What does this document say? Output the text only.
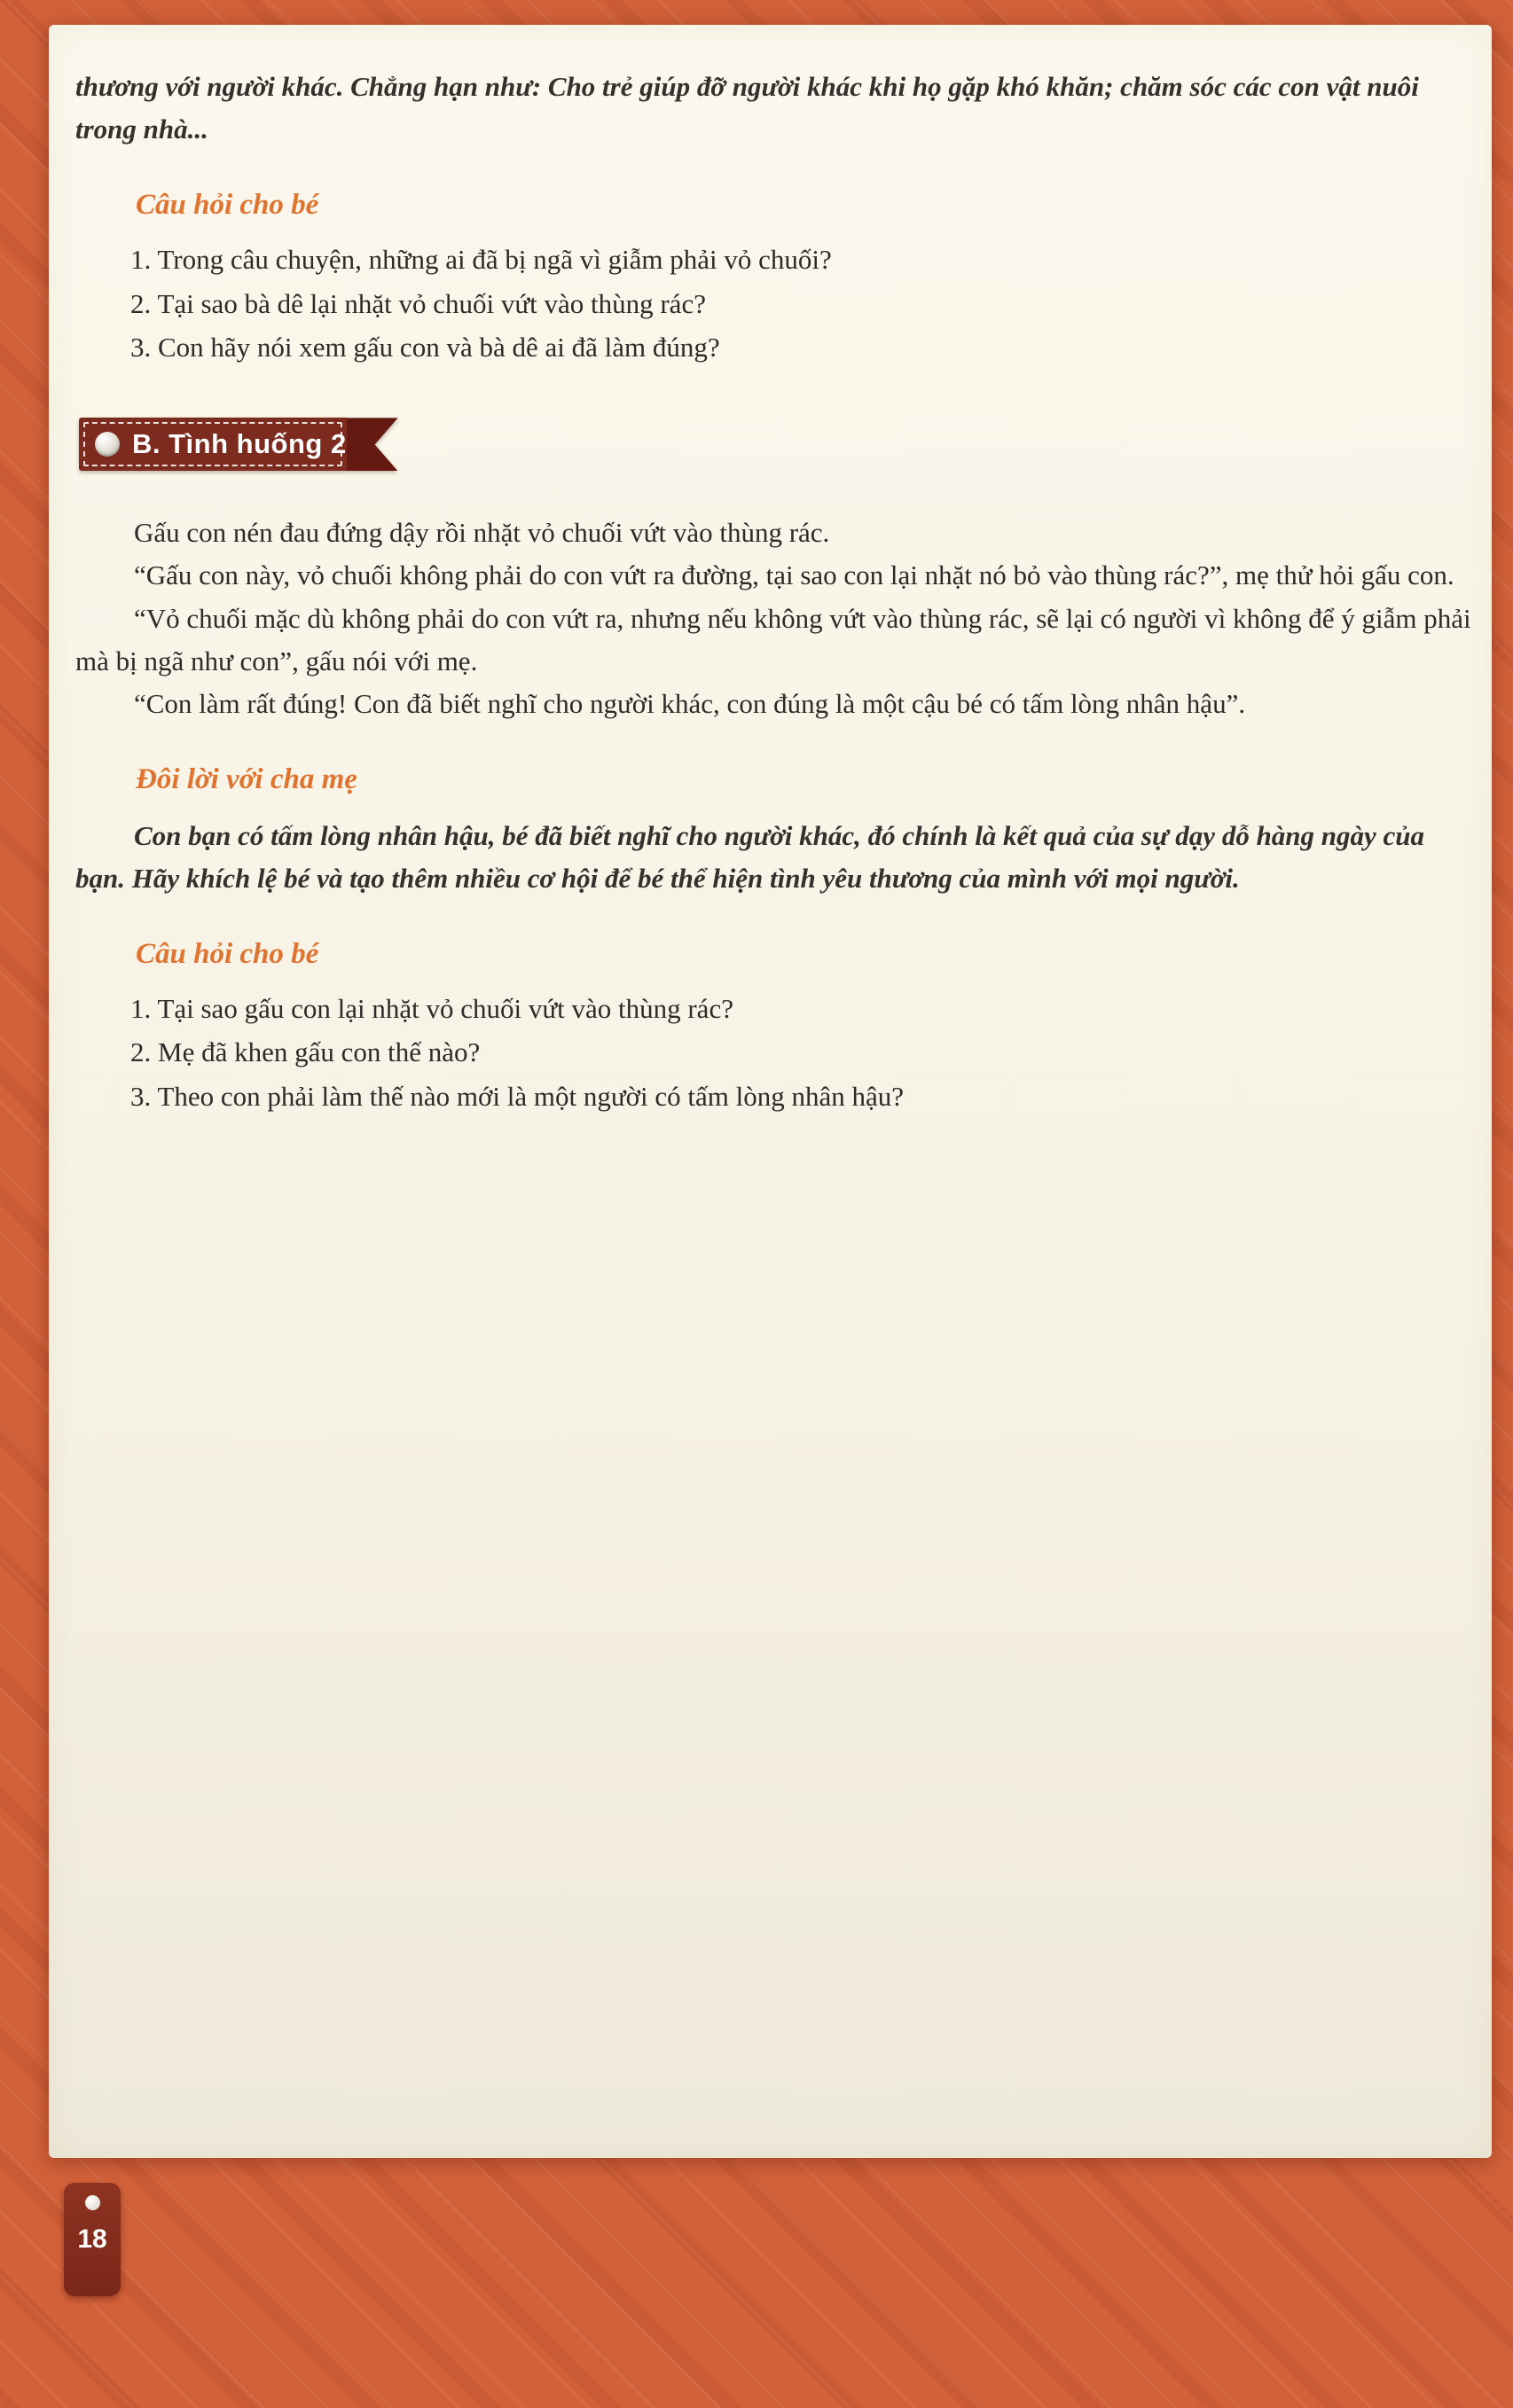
thương với người khác. Chẳng hạn như: Cho trẻ giúp đỡ người khác khi họ gặp khó khăn; chăm sóc các con vật nuôi trong nhà...

Câu hỏi cho bé
1. Trong câu chuyện, những ai đã bị ngã vì giẫm phải vỏ chuối?
2. Tại sao bà dê lại nhặt vỏ chuối vứt vào thùng rác?
3. Con hãy nói xem gấu con và bà dê ai đã làm đúng?
B. Tình huống 2

Gấu con nén đau đứng dậy rồi nhặt vỏ chuối vứt vào thùng rác.

“Gấu con này, vỏ chuối không phải do con vứt ra đường, tại sao con lại nhặt nó bỏ vào thùng rác?”, mẹ thử hỏi gấu con.

“Vỏ chuối mặc dù không phải do con vứt ra, nhưng nếu không vứt vào thùng rác, sẽ lại có người vì không để ý giẫm phải mà bị ngã như con”, gấu nói với mẹ.

“Con làm rất đúng! Con đã biết nghĩ cho người khác, con đúng là một cậu bé có tấm lòng nhân hậu”.

Đôi lời với cha mẹ

Con bạn có tấm lòng nhân hậu, bé đã biết nghĩ cho người khác, đó chính là kết quả của sự dạy dỗ hàng ngày của bạn. Hãy khích lệ bé và tạo thêm nhiều cơ hội để bé thể hiện tình yêu thương của mình với mọi người.

Câu hỏi cho bé
1. Tại sao gấu con lại nhặt vỏ chuối vứt vào thùng rác?
2. Mẹ đã khen gấu con thế nào?
3. Theo con phải làm thế nào mới là một người có tấm lòng nhân hậu?
18
